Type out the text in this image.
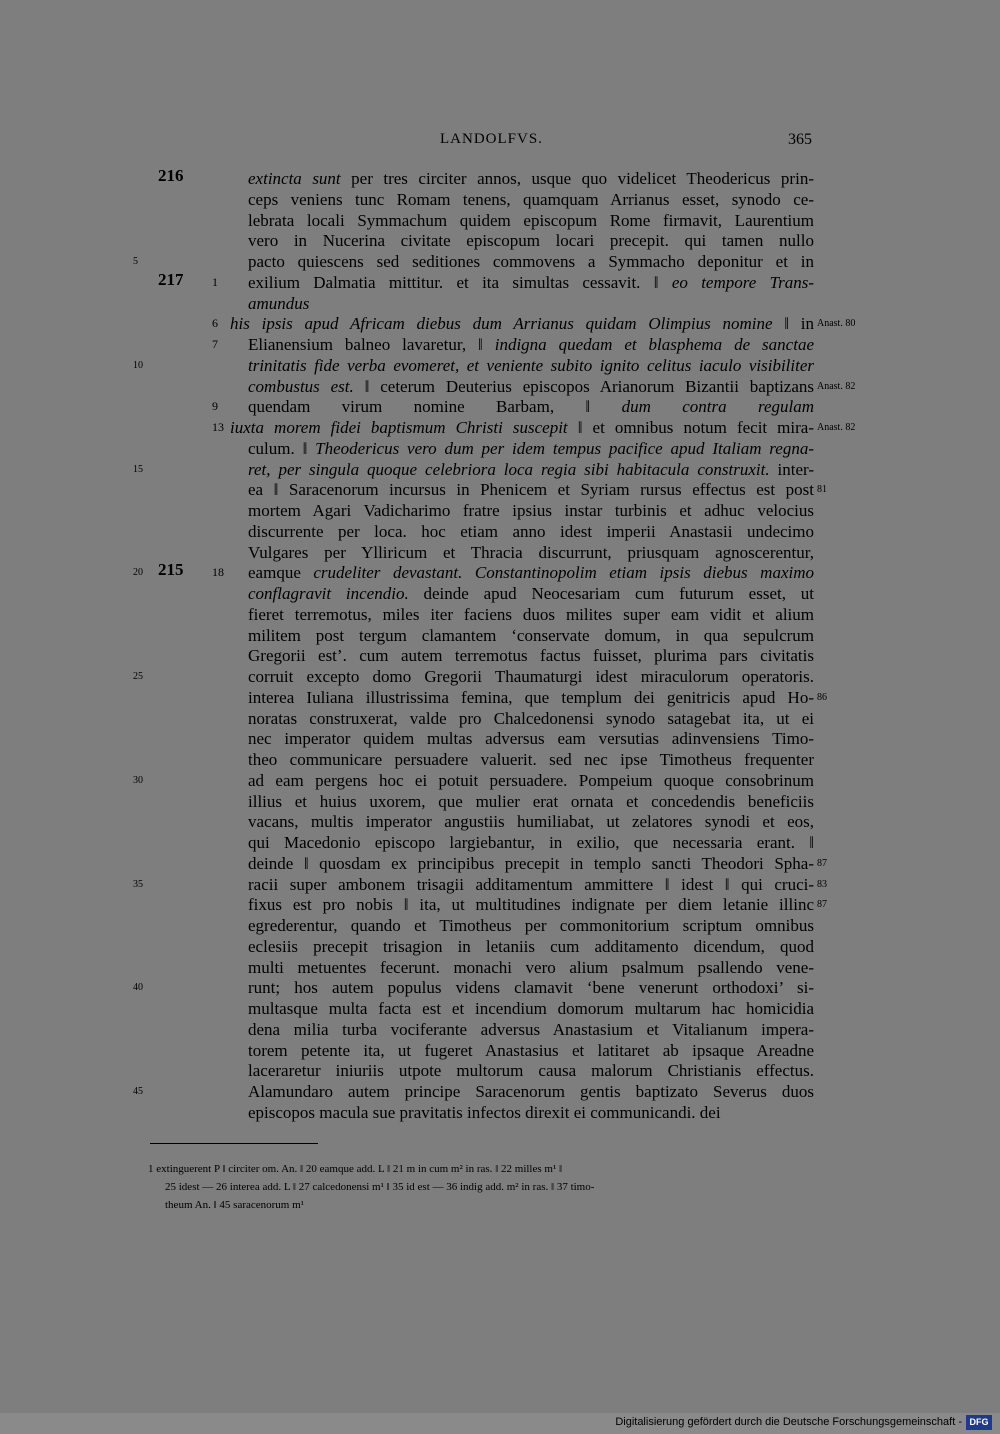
LANDOLFVS.	365
216	extincta sunt per tres circiter annos, usque quo videlicet Theodericus prin-
ceps veniens tunc Romam tenens, quamquam Arrianus esset, synodo ce-
lebrata locali Symmachum quidem episcopum Rome firmavit, Laurentium
vero in Nucerina civitate episcopum locari precepit. qui tamen nullo
5	pacto quiescens sed seditiones commovens a Symmacho deponitur et in
217 1 exilium Dalmatia mittitur. et ita simultas cessavit. ‖ eo tempore Trans-
amundus
6 his ipsis apud Africam diebus dum Arrianus quidam Olimpius nomine ‖ in Anast. 80
7 Elianensium balneo lavaretur, ‖ indigna quedam et blasphema de sanctae
10	trinitatis fide verba evomeret, et veniente subito ignito celitus iaculo visibiliter
combustus est. ‖ ceterum Deuterius episcopos Arianorum Bizantii baptizans Anast. 82
9 quendam virum nomine Barbam, ‖ dum contra regulam
13 iuxta morem fidei baptismum Christi suscepit ‖ et omnibus notum fecit mira- Anast. 82
culum. ‖ Theodericus vero dum per idem tempus pacifice apud Italiam regna-
15	ret, per singula quoque celebriora loca regia sibi habitacula construxit. inter-
ea ‖ Saracenorum incursus in Phenicem et Syriam rursus effectus est post 81
mortem Agari Vadicharimo fratre ipsius instar turbinis et adhuc velocius
discurrente per loca. hoc etiam anno idest imperii Anastasii undecimo
Vulgares per Ylliricum et Thracia discurrunt, priusquam agnoscerentur,
20 215 18 eamque crudeliter devastant. Constantinopolim etiam ipsis diebus maximo
conflagravit incendio. deinde apud Neocesariam cum futurum esset, ut
fieret terremotus, miles iter faciens duos milites super eam vidit et alium
militem post tergum clamantem ‘conservate domum, in qua sepulcrum
Gregorii est’. cum autem terremotus factus fuisset, plurima pars civitatis
25	corruit excepto domo Gregorii Thaumaturgi idest miraculorum operatoris.
interea Iuliana illustrissima femina, que templum dei genitricis apud Ho- 86
noratas construxerat, valde pro Chalcedonensi synodo satagebat ita, ut ei
nec imperator quidem multas adversus eam versutias adinvensiens Timo-
theo communicare persuadere valuerit. sed nec ipse Timotheus frequenter
30	ad eam pergens hoc ei potuit persuadere. Pompeium quoque consobrinum
illius et huius uxorem, que mulier erat ornata et concedendis beneficiis
vacans, multis imperator angustiis humiliabat, ut zelatores synodi et eos,
qui Macedonio episcopo largiebantur, in exilio, que necessaria erant. ‖
deinde ‖ quosdam ex principibus precepit in templo sancti Theodori Spha- 87
35	racii super ambonem trisagii additamentum ammittere ‖ idest ‖ qui cruci- 83
fixus est pro nobis ‖ ita, ut multitudines indignate per diem letanie illinc 87
egrederentur, quando et Timotheus per commonitorium scriptum omnibus
eclesiis precepit trisagion in letaniis cum additamento dicendum, quod
multi metuentes fecerunt. monachi vero alium psalmum psallendo vene-
40	runt; hos autem populus videns clamavit ‘bene venerunt orthodoxi’ si-
multasque multa facta est et incendium domorum multarum hac homicidia
dena milia turba vociferante adversus Anastasium et Vitalianum impera-
torem petente ita, ut fugeret Anastasius et latitaret ab ipsaque Areadne
laceraretur iniuriis utpote multorum causa malorum Christianis effectus.
45	Alamundaro autem principe Saracenorum gentis baptizato Severus duos
episcopos macula sue pravitatis infectos direxit ei communicandi. dei
1 extinguerent P ‖ circiter om. An. ‖ 20 eamque add. L ‖ 21 m in cum m² in ras. ‖ 22 milles m¹ ‖
25 idest — 26 interea add. L ‖ 27 calcedonensi m¹ ‖ 35 id est — 36 indig add. m² in ras. ‖ 37 timo-
theum An. ‖ 45 saracenorum m¹
Digitalisierung gefördert durch die Deutsche Forschungsgemeinschaft - DFG
